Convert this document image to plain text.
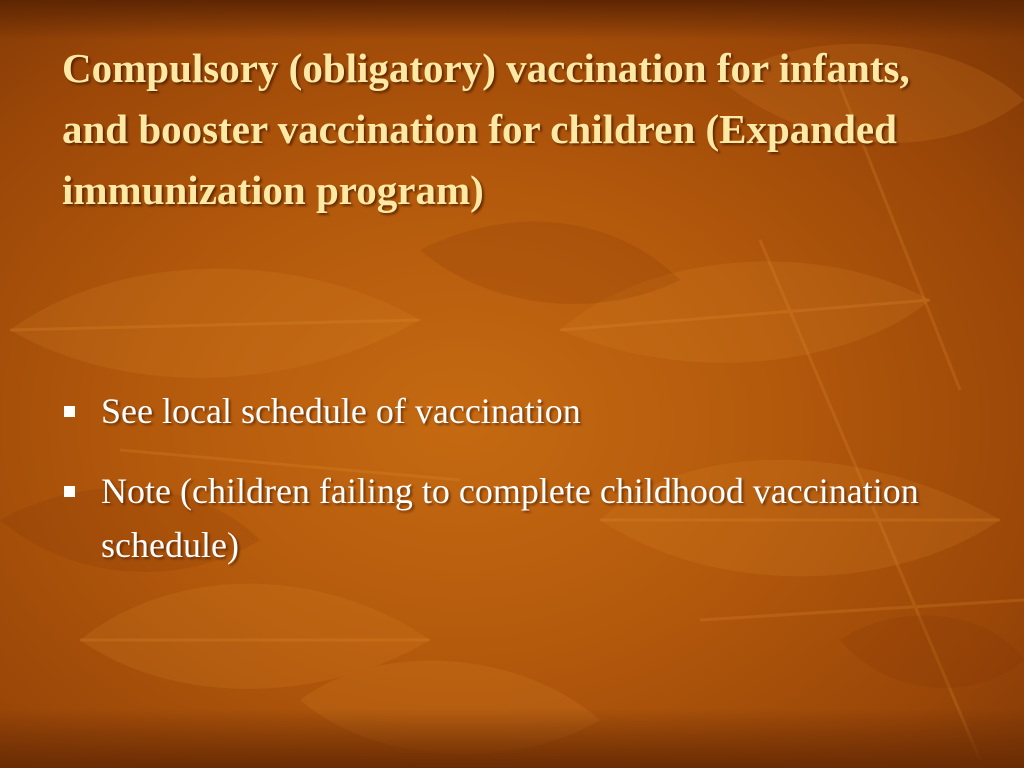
Compulsory (obligatory) vaccination for infants, and booster vaccination for children (Expanded immunization program)
See local schedule of vaccination
Note (children failing to complete childhood vaccination schedule)
